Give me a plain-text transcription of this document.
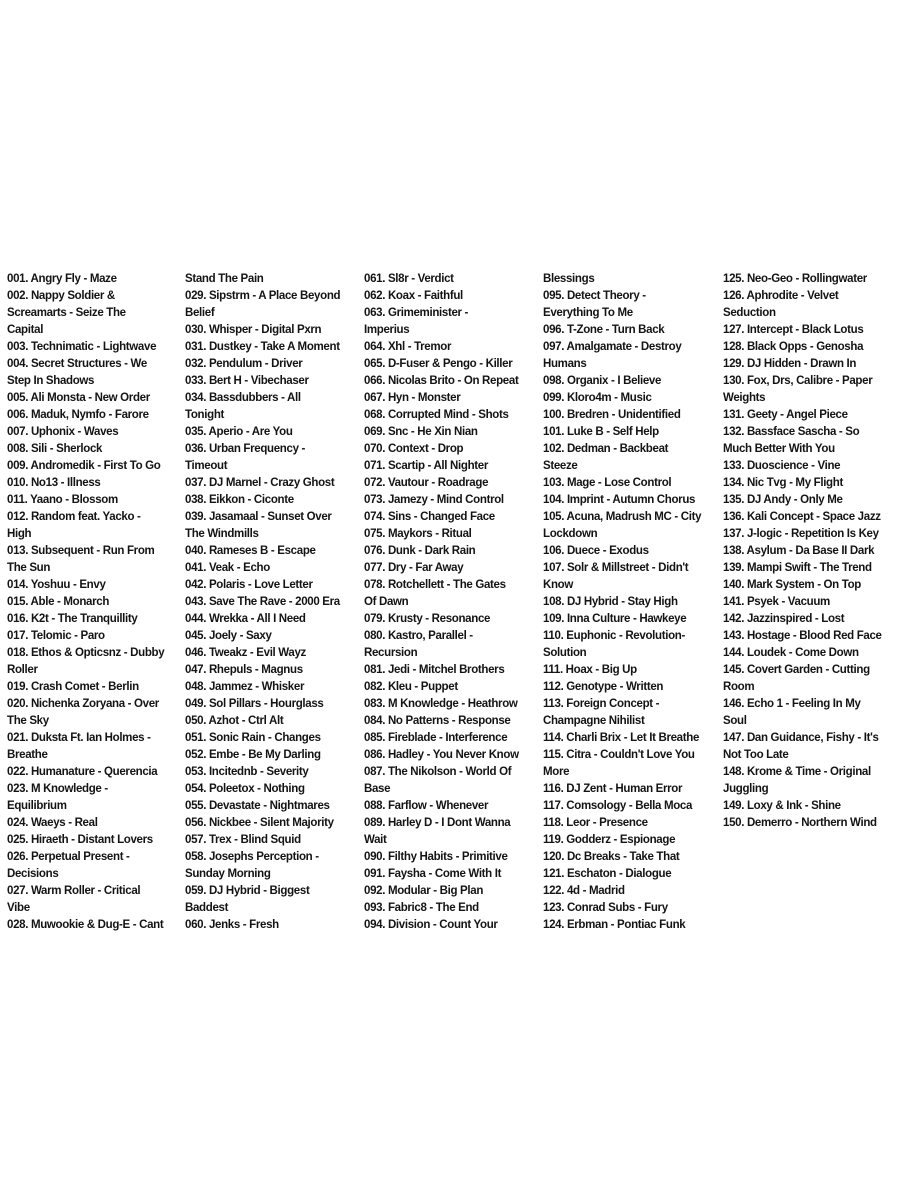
001. Angry Fly - Maze
002. Nappy Soldier &
Screamarts - Seize The
Capital
003. Technimatic - Lightwave
004. Secret Structures - We
Step In Shadows
005. Ali Monsta - New Order
006. Maduk, Nymfo - Farore
007. Uphonix - Waves
008. Sili - Sherlock
009. Andromedik - First To Go
010. No13 - Illness
011. Yaano - Blossom
012. Random feat. Yacko -
High
013. Subsequent - Run From
The Sun
014. Yoshuu - Envy
015. Able - Monarch
016. K2t - The Tranquillity
017. Telomic - Paro
018. Ethos & Opticsnz - Dubby
Roller
019. Crash Comet - Berlin
020. Nichenka Zoryana - Over
The Sky
021. Duksta Ft. Ian Holmes -
Breathe
022. Humanature - Querencia
023. M Knowledge -
Equilibrium
024. Waeys - Real
025. Hiraeth - Distant Lovers
026. Perpetual Present -
Decisions
027. Warm Roller - Critical
Vibe
028. Muwookie & Dug-E - Cant
Stand The Pain
029. Sipstrm - A Place Beyond
Belief
030. Whisper - Digital Pxrn
031. Dustkey - Take A Moment
032. Pendulum - Driver
033. Bert H - Vibechaser
034. Bassdubbers - All
Tonight
035. Aperio - Are You
036. Urban Frequency -
Timeout
037. DJ Marnel - Crazy Ghost
038. Eikkon - Ciconte
039. Jasamaal - Sunset Over
The Windmills
040. Rameses B - Escape
041. Veak - Echo
042. Polaris - Love Letter
043. Save The Rave - 2000 Era
044. Wrekka - All I Need
045. Joely - Saxy
046. Tweakz - Evil Wayz
047. Rhepuls - Magnus
048. Jammez - Whisker
049. Sol Pillars - Hourglass
050. Azhot - Ctrl Alt
051. Sonic Rain - Changes
052. Embe - Be My Darling
053. Incitednb - Severity
054. Poleetox - Nothing
055. Devastate - Nightmares
056. Nickbee - Silent Majority
057. Trex - Blind Squid
058. Josephs Perception -
Sunday Morning
059. DJ Hybrid - Biggest
Baddest
060. Jenks - Fresh
061. Sl8r - Verdict
062. Koax - Faithful
063. Grimeminister -
Imperius
064. Xhl - Tremor
065. D-Fuser & Pengo - Killer
066. Nicolas Brito - On Repeat
067. Hyn - Monster
068. Corrupted Mind - Shots
069. Snc - He Xin Nian
070. Context - Drop
071. Scartip - All Nighter
072. Vautour - Roadrage
073. Jamezy - Mind Control
074. Sins - Changed Face
075. Maykors - Ritual
076. Dunk - Dark Rain
077. Dry - Far Away
078. Rotchellett - The Gates
Of Dawn
079. Krusty - Resonance
080. Kastro, Parallel -
Recursion
081. Jedi - Mitchel Brothers
082. Kleu - Puppet
083. M Knowledge - Heathrow
084. No Patterns - Response
085. Fireblade - Interference
086. Hadley - You Never Know
087. The Nikolson - World Of
Base
088. Farflow - Whenever
089. Harley D - I Dont Wanna
Wait
090. Filthy Habits - Primitive
091. Faysha - Come With It
092. Modular - Big Plan
093. Fabric8 - The End
094. Division - Count Your
Blessings
095. Detect Theory -
Everything To Me
096. T-Zone - Turn Back
097. Amalgamate - Destroy
Humans
098. Organix - I Believe
099. Kloro4m - Music
100. Bredren - Unidentified
101. Luke B - Self Help
102. Dedman - Backbeat
Steeze
103. Mage - Lose Control
104. Imprint - Autumn Chorus
105. Acuna, Madrush MC - City
Lockdown
106. Duece - Exodus
107. Solr & Millstreet - Didn't
Know
108. DJ Hybrid - Stay High
109. Inna Culture - Hawkeye
110. Euphonic - Revolution-
Solution
111. Hoax - Big Up
112. Genotype - Written
113. Foreign Concept -
Champagne Nihilist
114. Charli Brix - Let It Breathe
115. Citra - Couldn't Love You
More
116. DJ Zent - Human Error
117. Comsology - Bella Moca
118. Leor - Presence
119. Godderz - Espionage
120. Dc Breaks - Take That
121. Eschaton - Dialogue
122. 4d - Madrid
123. Conrad Subs - Fury
124. Erbman - Pontiac Funk
125. Neo-Geo - Rollingwater
126. Aphrodite - Velvet
Seduction
127. Intercept - Black Lotus
128. Black Opps - Genosha
129. DJ Hidden - Drawn In
130. Fox, Drs, Calibre - Paper
Weights
131. Geety - Angel Piece
132. Bassface Sascha - So
Much Better With You
133. Duoscience - Vine
134. Nic Tvg - My Flight
135. DJ Andy - Only Me
136. Kali Concept - Space Jazz
137. J-logic - Repetition Is Key
138. Asylum - Da Base II Dark
139. Mampi Swift - The Trend
140. Mark System - On Top
141. Psyek - Vacuum
142. Jazzinspired - Lost
143. Hostage - Blood Red Face
144. Loudek - Come Down
145. Covert Garden - Cutting
Room
146. Echo 1 - Feeling In My
Soul
147. Dan Guidance, Fishy - It's
Not Too Late
148. Krome & Time - Original
Juggling
149. Loxy & Ink - Shine
150. Demerro - Northern Wind
